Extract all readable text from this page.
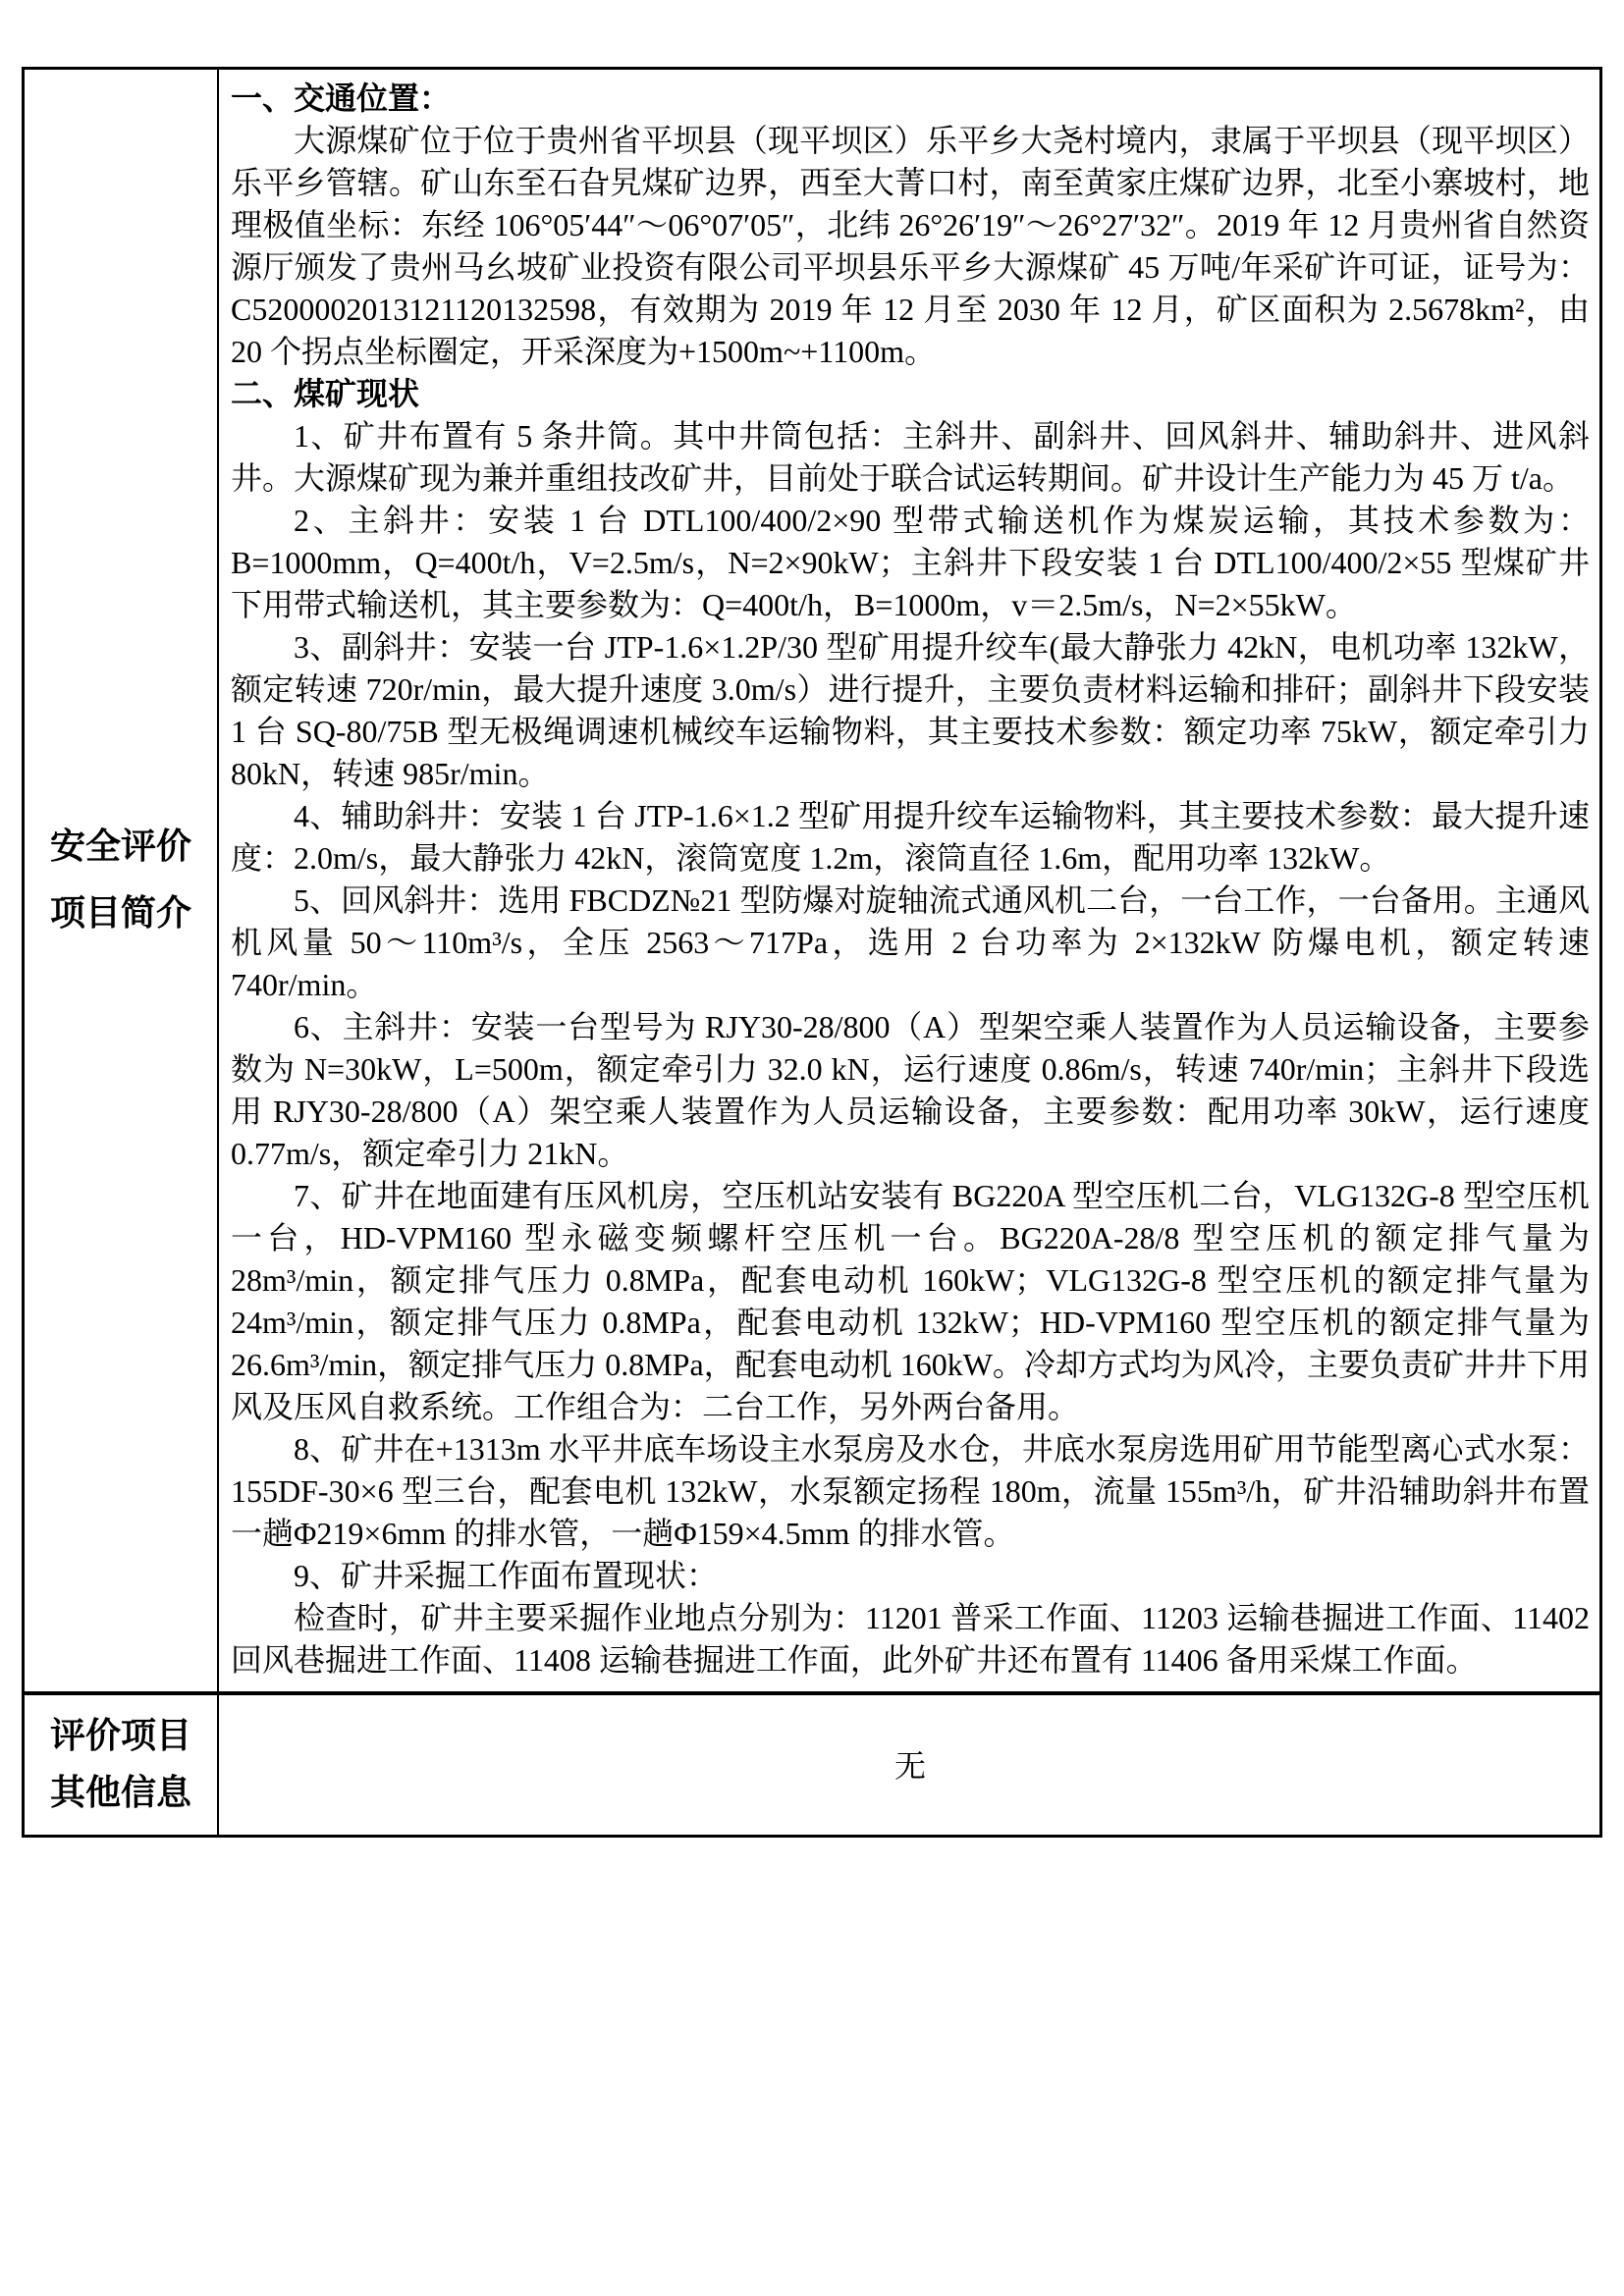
安全评价
项目简介

一、交通位置：

大源煤矿位于位于贵州省平坝县（现平坝区）乐平乡大尧村境内，隶属于平坝县（现平坝区）乐平乡管辖。矿山东至石旮旯煤矿边界，西至大菁口村，南至黄家庄煤矿边界，北至小寨坡村，地理极值坐标：东经 106°05′44″～06°07′05″，北纬 26°26′19″～26°27′32″。2019 年 12 月贵州省自然资源厅颁发了贵州马幺坡矿业投资有限公司平坝县乐平乡大源煤矿 45 万吨/年采矿许可证，证号为：C5200002013121120132598，有效期为 2019 年 12 月至 2030 年 12 月，矿区面积为 2.5678km²，由 20 个拐点坐标圈定，开采深度为+1500m~+1100m。

二、煤矿现状

1、矿井布置有 5 条井筒。其中井筒包括：主斜井、副斜井、回风斜井、辅助斜井、进风斜井。大源煤矿现为兼并重组技改矿井，目前处于联合试运转期间。矿井设计生产能力为 45 万 t/a。

2、主斜井：安装 1 台 DTL100/400/2×90 型带式输送机作为煤炭运输，其技术参数为：B=1000mm，Q=400t/h，V=2.5m/s，N=2×90kW；主斜井下段安装 1 台 DTL100/400/2×55 型煤矿井下用带式输送机，其主要参数为：Q=400t/h，B=1000m，v＝2.5m/s，N=2×55kW。

3、副斜井：安装一台 JTP-1.6×1.2P/30 型矿用提升绞车(最大静张力 42kN，电机功率 132kW，额定转速 720r/min，最大提升速度 3.0m/s）进行提升，主要负责材料运输和排矸；副斜井下段安装 1 台 SQ-80/75B 型无极绳调速机械绞车运输物料，其主要技术参数：额定功率 75kW，额定牵引力 80kN，转速 985r/min。

4、辅助斜井：安装 1 台 JTP-1.6×1.2 型矿用提升绞车运输物料，其主要技术参数：最大提升速度：2.0m/s，最大静张力 42kN，滚筒宽度 1.2m，滚筒直径 1.6m，配用功率 132kW。

5、回风斜井：选用 FBCDZ№21 型防爆对旋轴流式通风机二台，一台工作，一台备用。主通风机风量 50～110m³/s，全压 2563～717Pa，选用 2 台功率为 2×132kW 防爆电机，额定转速 740r/min。

6、主斜井：安装一台型号为 RJY30-28/800（A）型架空乘人装置作为人员运输设备，主要参数为 N=30kW，L=500m，额定牵引力 32.0 kN，运行速度 0.86m/s，转速 740r/min；主斜井下段选用 RJY30-28/800（A）架空乘人装置作为人员运输设备，主要参数：配用功率 30kW，运行速度 0.77m/s，额定牵引力 21kN。

7、矿井在地面建有压风机房，空压机站安装有 BG220A 型空压机二台，VLG132G-8 型空压机一台，HD-VPM160 型永磁变频螺杆空压机一台。BG220A-28/8 型空压机的额定排气量为 28m³/min，额定排气压力 0.8MPa，配套电动机 160kW；VLG132G-8 型空压机的额定排气量为 24m³/min，额定排气压力 0.8MPa，配套电动机 132kW；HD-VPM160 型空压机的额定排气量为 26.6m³/min，额定排气压力 0.8MPa，配套电动机 160kW。冷却方式均为风冷，主要负责矿井井下用风及压风自救系统。工作组合为：二台工作，另外两台备用。

8、矿井在+1313m 水平井底车场设主水泵房及水仓，井底水泵房选用矿用节能型离心式水泵：155DF-30×6 型三台，配套电机 132kW，水泵额定扬程 180m，流量 155m³/h，矿井沿辅助斜井布置一趟Φ219×6mm 的排水管，一趟Φ159×4.5mm 的排水管。

9、矿井采掘工作面布置现状：

检查时，矿井主要采掘作业地点分别为：11201 普采工作面、11203 运输巷掘进工作面、11402 回风巷掘进工作面、11408 运输巷掘进工作面，此外矿井还布置有 11406 备用采煤工作面。

评价项目
其他信息
无
